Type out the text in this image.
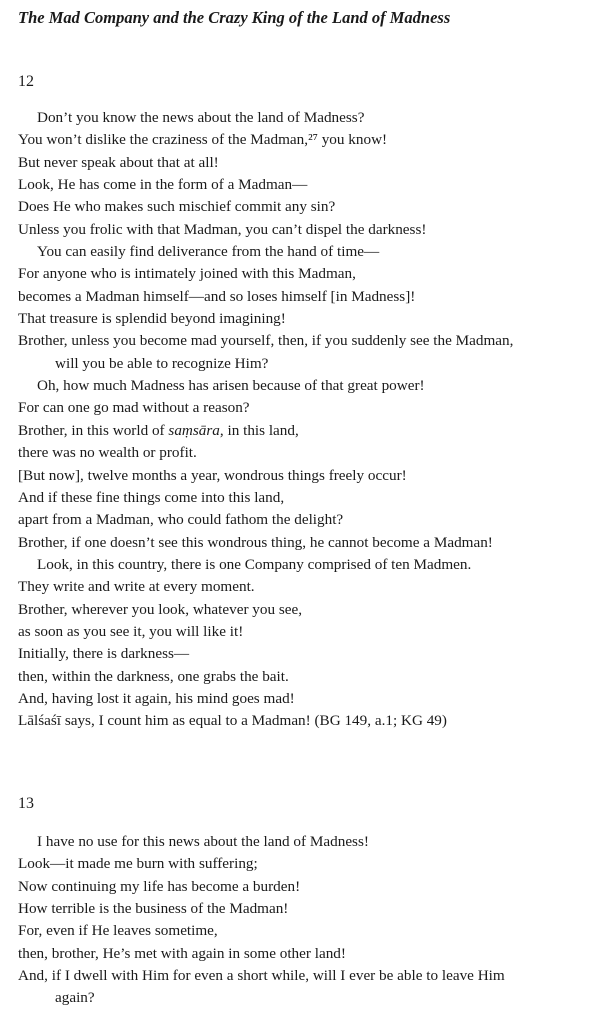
The Mad Company and the Crazy King of the Land of Madness
12
Don’t you know the news about the land of Madness?
You won’t dislike the craziness of the Madman,²⁷ you know!
But never speak about that at all!
Look, He has come in the form of a Madman—
Does He who makes such mischief commit any sin?
Unless you frolic with that Madman, you can’t dispel the darkness!
You can easily find deliverance from the hand of time—
For anyone who is intimately joined with this Madman,
becomes a Madman himself—and so loses himself [in Madness]!
That treasure is splendid beyond imagining!
Brother, unless you become mad yourself, then, if you suddenly see the Madman,
will you be able to recognize Him?
Oh, how much Madness has arisen because of that great power!
For can one go mad without a reason?
Brother, in this world of saṃsāra, in this land,
there was no wealth or profit.
[But now], twelve months a year, wondrous things freely occur!
And if these fine things come into this land,
apart from a Madman, who could fathom the delight?
Brother, if one doesn’t see this wondrous thing, he cannot become a Madman!
Look, in this country, there is one Company comprised of ten Madmen.
They write and write at every moment.
Brother, wherever you look, whatever you see,
as soon as you see it, you will like it!
Initially, there is darkness—
then, within the darkness, one grabs the bait.
And, having lost it again, his mind goes mad!
Lālśaśī says, I count him as equal to a Madman! (BG 149, a.1; KG 49)
13
I have no use for this news about the land of Madness!
Look—it made me burn with suffering;
Now continuing my life has become a burden!
How terrible is the business of the Madman!
For, even if He leaves sometime,
then, brother, He’s met with again in some other land!
And, if I dwell with Him for even a short while, will I ever be able to leave Him
again?
